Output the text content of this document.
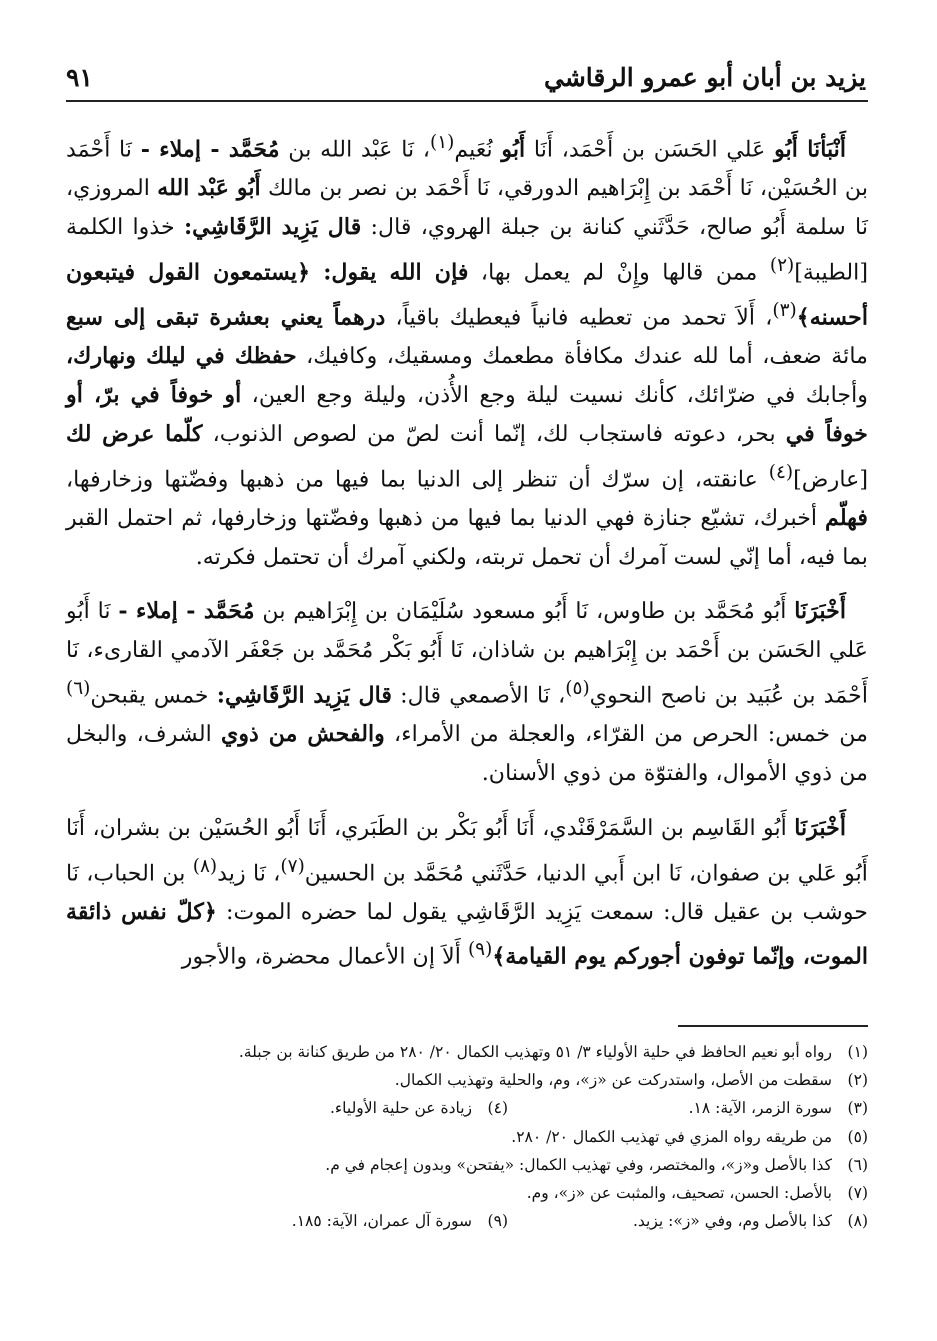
يزيد بن أبان أبو عمرو الرقاشي
٩١

أَنْبَأنَا أَبُو عَلي الحَسَن بن أَحْمَد، أَنَا أَبُو نُعَيم$^{(١)}$، نَا عَبْد الله بن مُحَمَّد - إملاء - نَا أَحْمَد بن الحُسَيْن، نَا أَحْمَد بن إِبْرَاهيم الدورقي، نَا أَحْمَد بن نصر بن مالك أَبُو عَبْد الله المروزي، نَا سلمة أَبُو صالح، حَدَّثَني كنانة بن جبلة الهروي، قال: قال يَزِيد الرَّقَاشِي: خذوا الكلمة [الطيبة]$^{(٢)}$ ممن قالها وإِنْ لم يعمل بها، فإن الله يقول: ﴿يستمعون القول فيتبعون أحسنه﴾$^{(٣)}$، أَلاَ تحمد من تعطيه فانياً فيعطيك باقياً، درهماً يعني بعشرة تبقى إلى سبع مائة ضعف، أما لله عندك مكافأة مطعمك ومسقيك، وكافيك، حفظك في ليلك ونهارك، وأجابك في ضرّائك، كأنك نسيت ليلة وجع الأُذن، وليلة وجع العين، أو خوفاً في برّ، أو خوفاً في بحر، دعوته فاستجاب لك، إنّما أنت لصّ من لصوص الذنوب، كلّما عرض لك [عارض]$^{(٤)}$ عانقته، إن سرّك أن تنظر إلى الدنيا بما فيها من ذهبها وفضّتها وزخارفها، فهلّم أخبرك، تشيّع جنازة فهي الدنيا بما فيها من ذهبها وفضّتها وزخارفها، ثم احتمل القبر بما فيه، أما إنّي لست آمرك أن تحمل تربته، ولكني آمرك أن تحتمل فكرته.

أَخْبَرَنَا أَبُو مُحَمَّد بن طاوس، نَا أَبُو مسعود سُلَيْمَان بن إِبْرَاهيم بن مُحَمَّد - إملاء - نَا أَبُو عَلي الحَسَن بن أَحْمَد بن إِبْرَاهيم بن شاذان، نَا أَبُو بَكْر مُحَمَّد بن جَعْفَر الآدمي القارىء، نَا أَحْمَد بن عُبَيد بن ناصح النحوي$^{(٥)}$، نَا الأصمعي قال: قال يَزِيد الرَّقَاشِي: خمس يقبحن$^{(٦)}$ من خمس: الحرص من القرّاء، والعجلة من الأمراء، والفحش من ذوي الشرف، والبخل من ذوي الأموال، والفتوّة من ذوي الأسنان.

أَخْبَرَنَا أَبُو القَاسِم بن السَّمَرْقَنْدي، أَنَا أَبُو بَكْر بن الطَبَري، أَنَا أَبُو الحُسَيْن بن بشران، أَنَا أَبُو عَلي بن صفوان، نَا ابن أَبي الدنيا، حَدَّثَني مُحَمَّد بن الحسين$^{(٧)}$، نَا زيد$^{(٨)}$ بن الحباب، نَا حوشب بن عقيل قال: سمعت يَزِيد الرَّقَاشِي يقول لما حضره الموت: ﴿كلّ نفس ذائقة الموت، وإنّما توفون أجوركم يوم القيامة﴾$^{(٩)}$ أَلاَ إن الأعمال محضرة، والأجور

(١)
رواه أبو نعيم الحافظ في حلية الأولياء ٣/ ٥١ وتهذيب الكمال ٢٠/ ٢٨٠ من طريق كنانة بن جبلة.
(٢)
سقطت من الأصل، واستدركت عن «ز»، وم، والحلية وتهذيب الكمال.
(٣)
سورة الزمر، الآية: ١٨.
(٤)
زيادة عن حلية الأولياء.
(٥)
من طريقه رواه المزي في تهذيب الكمال ٢٠/ ٢٨٠.
(٦)
كذا بالأصل و«ز»، والمختصر، وفي تهذيب الكمال: «يفتحن» وبدون إعجام في م.
(٧)
بالأصل: الحسن، تصحيف، والمثبت عن «ز»، وم.
(٨)
كذا بالأصل وم، وفي «ز»: يزيد.
(٩)
سورة آل عمران، الآية: ١٨٥.
